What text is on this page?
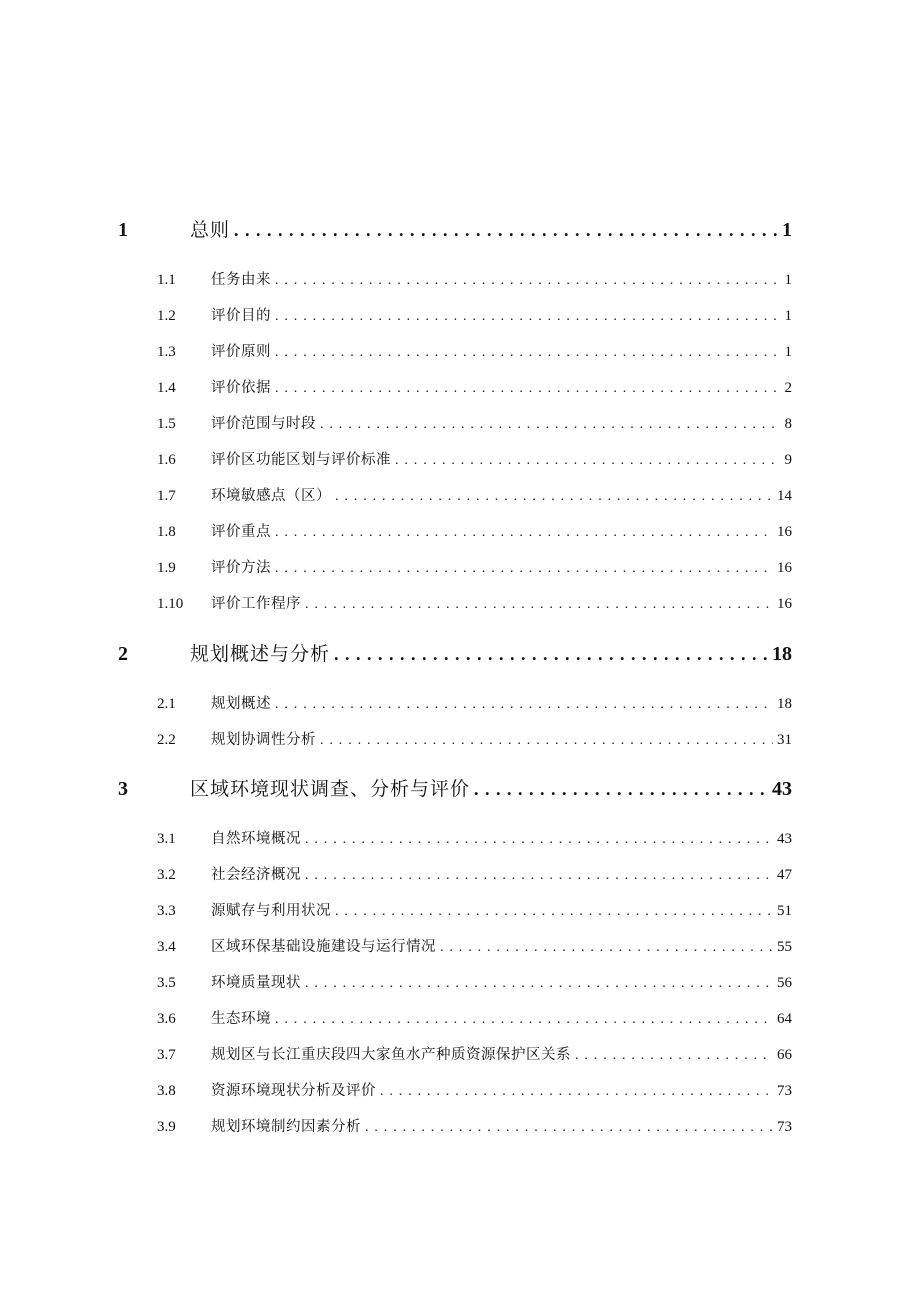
1	总则 . . .	1
1.1 任务由来 . . .	1
1.2 评价目的 . . .	1
1.3 评价原则 . . .	1
1.4 评价依据 . . .	2
1.5 评价范围与时段 . . .	8
1.6 评价区功能区划与评价标准 . . .	9
1.7 环境敏感点（区） . . .	14
1.8 评价重点 . . .	16
1.9 评价方法 . . .	16
1.10 评价工作程序 . . .	16
2	规划概述与分析 . . .	18
2.1 规划概述 . . .	18
2.2 规划协调性分析 . . .	31
3	区域环境现状调查、分析与评价 . . .	43
3.1 自然环境概况 . . .	43
3.2 社会经济概况 . . .	47
3.3 源赋存与利用状况 . . .	51
3.4 区域环保基础设施建设与运行情况 . . .	55
3.5 环境质量现状 . . .	56
3.6 生态环境 . . .	64
3.7 规划区与长江重庆段四大家鱼水产种质资源保护区关系 . . .	66
3.8 资源环境现状分析及评价 . . .	73
3.9 规划环境制约因素分析 . . .	73
